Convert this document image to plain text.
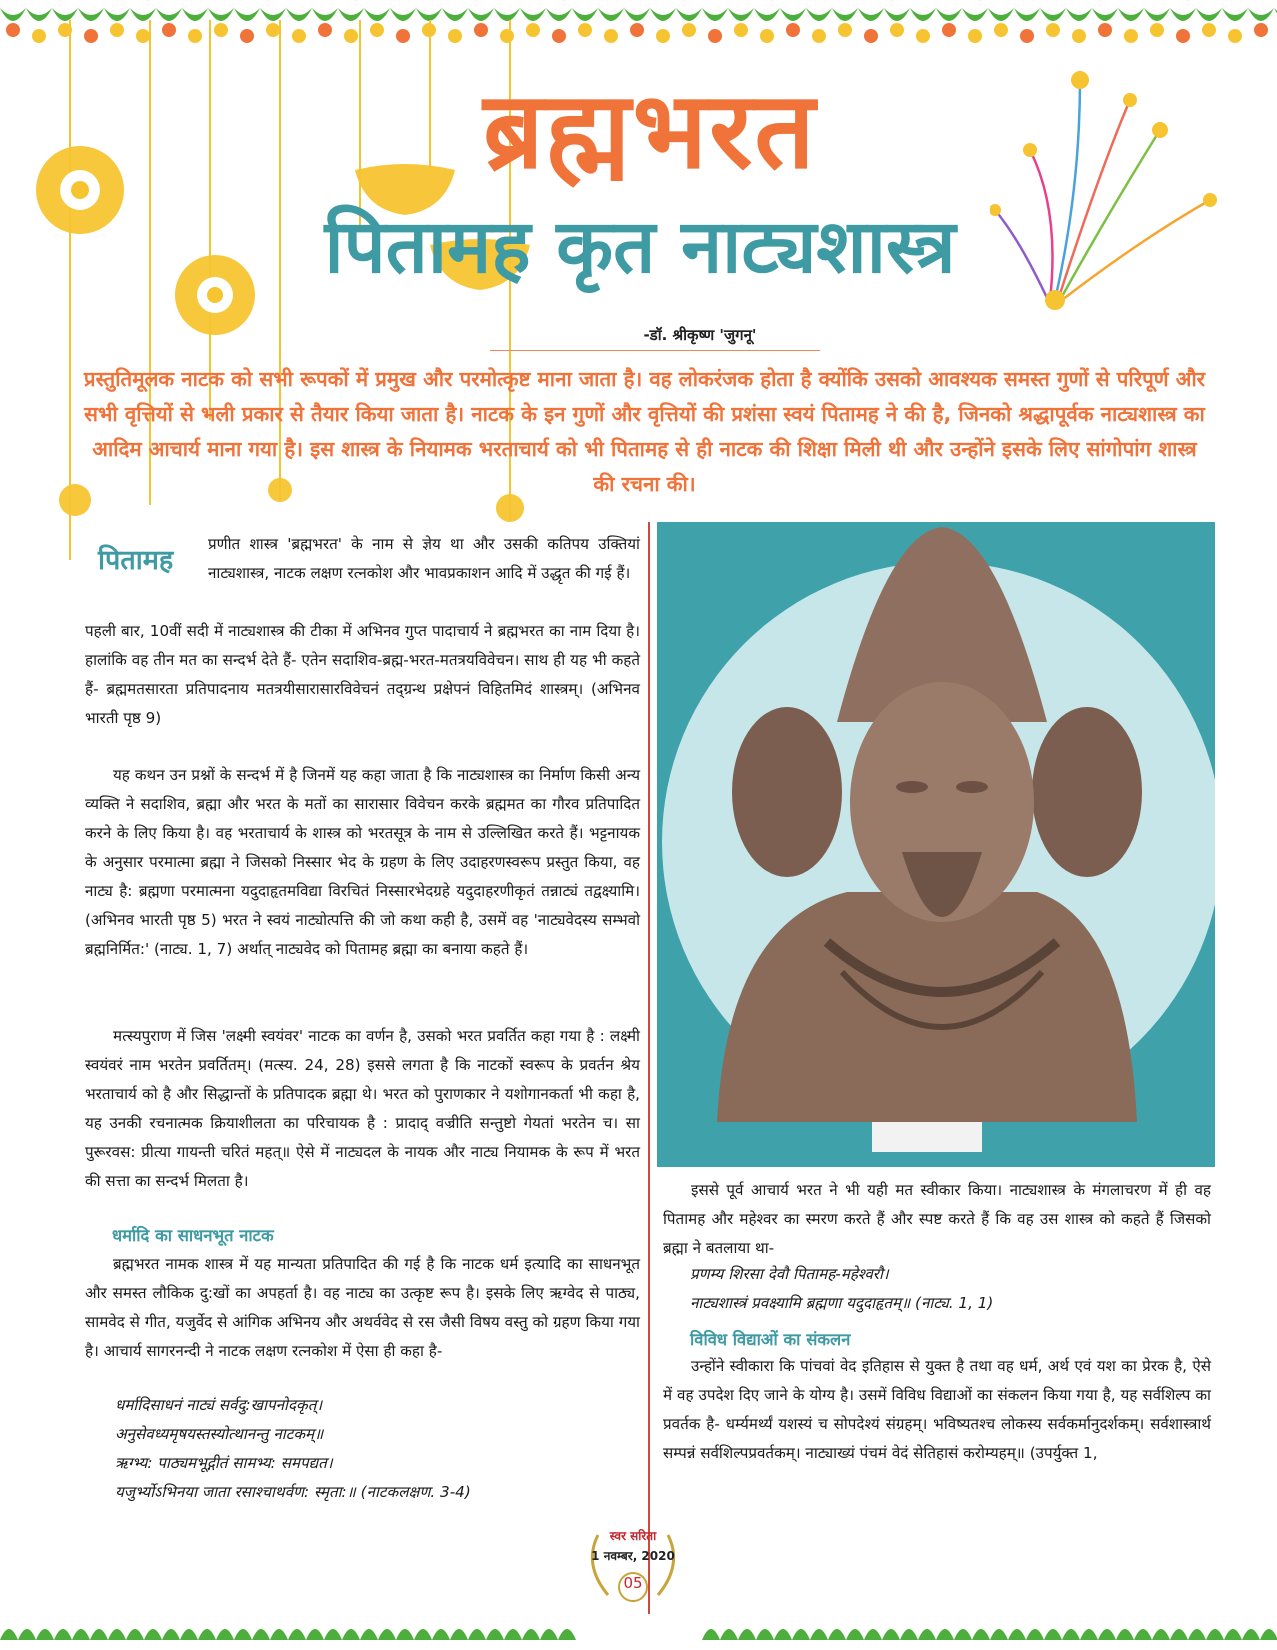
ब्रह्मभरत
पितामह कृत नाट्यशास्त्र
-डॉ. श्रीकृष्ण 'जुगनू'
प्रस्तुतिमूलक नाटक को सभी रूपकों में प्रमुख और परमोत्कृष्ट माना जाता है। वह लोकरंजक होता है क्योंकि उसको आवश्यक समस्त गुणों से परिपूर्ण और सभी वृत्तियों से भली प्रकार से तैयार किया जाता है। नाटक के इन गुणों और वृत्तियों की प्रशंसा स्वयं पितामह ने की है, जिनको श्रद्धापूर्वक नाट्यशास्त्र का आदिम आचार्य माना गया है। इस शास्त्र के नियामक भरताचार्य को भी पितामह से ही नाटक की शिक्षा मिली थी और उन्होंने इसके लिए सांगोपांग शास्त्र की रचना की।
पितामह
प्रणीत शास्त्र 'ब्रह्मभरत' के नाम से ज्ञेय था और उसकी कतिपय उक्तियां नाट्यशास्त्र, नाटक लक्षण रत्नकोश और भावप्रकाशन आदि में उद्धृत की गई हैं।
पहली बार, 10वीं सदी में नाट्यशास्त्र की टीका में अभिनव गुप्त पादाचार्य ने ब्रह्मभरत का नाम दिया है। हालांकि वह तीन मत का सन्दर्भ देते हैं- एतेन सदाशिव-ब्रह्म-भरत-मतत्रयविवेचन। साथ ही यह भी कहते हैं- ब्रह्ममतसारता प्रतिपादनाय मतत्रयीसारासारविवेचनं तद्ग्रन्थ प्रक्षेपनं विहितमिदं शास्त्रम्। (अभिनव भारती पृष्ठ 9)
यह कथन उन प्रश्नों के सन्दर्भ में है जिनमें यह कहा जाता है कि नाट्यशास्त्र का निर्माण किसी अन्य व्यक्ति ने सदाशिव, ब्रह्मा और भरत के मतों का सारासार विवेचन करके ब्रह्ममत का गौरव प्रतिपादित करने के लिए किया है। वह भरताचार्य के शास्त्र को भरतसूत्र के नाम से उल्लिखित करते हैं। भट्टनायक के अनुसार परमात्मा ब्रह्मा ने जिसको निस्सार भेद के ग्रहण के लिए उदाहरणस्वरूप प्रस्तुत किया, वह नाट्य है: ब्रह्मणा परमात्मना यदुदाहृतमविद्या विरचितं निस्सारभेदग्रहे यदुदाहरणीकृतं तन्नाट्यं तद्वक्ष्यामि। (अभिनव भारती पृष्ठ 5) भरत ने स्वयं नाट्योत्पत्ति की जो कथा कही है, उसमें वह 'नाट्यवेदस्य सम्भवो ब्रह्मनिर्मित:' (नाट्य. 1, 7) अर्थात् नाट्यवेद को पितामह ब्रह्मा का बनाया कहते हैं।
मत्स्यपुराण में जिस 'लक्ष्मी स्वयंवर' नाटक का वर्णन है, उसको भरत प्रवर्तित कहा गया है : लक्ष्मी स्वयंवरं नाम भरतेन प्रवर्तितम्। (मत्स्य. 24, 28) इससे लगता है कि नाटकों स्वरूप के प्रवर्तन श्रेय भरताचार्य को है और सिद्धान्तों के प्रतिपादक ब्रह्मा थे। भरत को पुराणकार ने यशोगानकर्ता भी कहा है, यह उनकी रचनात्मक क्रियाशीलता का परिचायक है : प्रादाद् वज्रीति सन्तुष्टो गेयतां भरतेन च। सा पुरूरवस: प्रीत्या गायन्ती चरितं महत्॥ ऐसे में नाट्यदल के नायक और नाट्य नियामक के रूप में भरत की सत्ता का सन्दर्भ मिलता है।
धर्मादि का साधनभूत नाटक
ब्रह्मभरत नामक शास्त्र में यह मान्यता प्रतिपादित की गई है कि नाटक धर्म इत्यादि का साधनभूत और समस्त लौकिक दु:खों का अपहर्ता है। वह नाट्य का उत्कृष्ट रूप है। इसके लिए ऋग्वेद से पाठ्य, सामवेद से गीत, यजुर्वेद से आंगिक अभिनय और अथर्ववेद से रस जैसी विषय वस्तु को ग्रहण किया गया है। आचार्य सागरनन्दी ने नाटक लक्षण रत्नकोश में ऐसा ही कहा है-
धर्मादिसाधनं नाट्यं सर्वदु:खापनोदकृत्।
अनुसेवध्यमृषयस्तस्योत्थानन्तु नाटकम्॥
ऋग्भ्य: पाठ्यमभूद्गीतं सामभ्य: समपद्यत।
यजुर्भ्योऽभिनया जाता रसाश्चाथर्वण: स्मृता:॥ (नाटकलक्षण. 3-4)
इससे पूर्व आचार्य भरत ने भी यही मत स्वीकार किया। नाट्यशास्त्र के मंगलाचरण में ही वह पितामह और महेश्वर का स्मरण करते हैं और स्पष्ट करते हैं कि वह उस शास्त्र को कहते हैं जिसको ब्रह्मा ने बतलाया था-
प्रणम्य शिरसा देवौ पितामह-महेश्वरौ।
नाट्यशास्त्रं प्रवक्ष्यामि ब्रह्मणा यदुदाहृतम्॥ (नाट्य. 1, 1)
विविध विद्याओं का संकलन
उन्होंने स्वीकारा कि पांचवां वेद इतिहास से युक्त है तथा वह धर्म, अर्थ एवं यश का प्रेरक है, ऐसे में वह उपदेश दिए जाने के योग्य है। उसमें विविध विद्याओं का संकलन किया गया है, यह सर्वशिल्प का प्रवर्तक है- धर्म्यमर्थ्यं यशस्यं च सोपदेश्यं संग्रहम्। भविष्यतश्च लोकस्य सर्वकर्मानुदर्शकम्। सर्वशास्त्रार्थ सम्पन्नं सर्वशिल्पप्रवर्तकम्। नाट्याख्यं पंचमं वेदं सेतिहासं करोम्यहम्॥ (उपर्युक्त 1,
स्वर सरिता
1 नवम्बर, 2020
05
